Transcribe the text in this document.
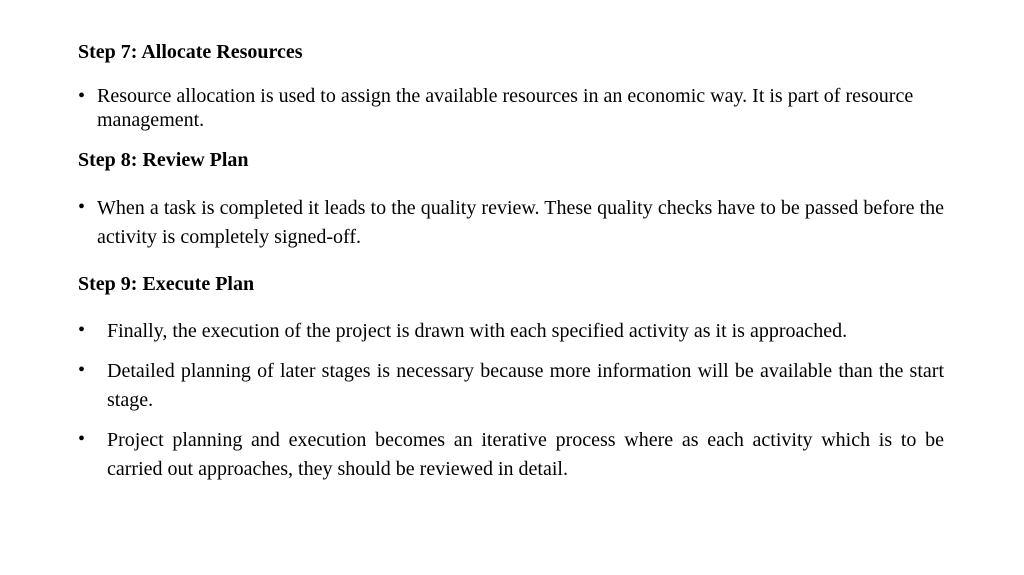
Step 7: Allocate Resources
• Resource allocation is used to assign the available resources in an economic way. It is part of resource management.

Step 8: Review Plan
• When a task is completed it leads to the quality review. These quality checks have to be passed before the activity is completely signed-off.

Step 9: Execute Plan
•	Finally, the execution of the project is drawn with each specified activity as it is approached.

•	Detailed planning of later stages is necessary because more information will be available than the start stage.

•	Project planning and execution becomes an iterative process where as each activity which is to be carried out approaches, they should be reviewed in detail.
